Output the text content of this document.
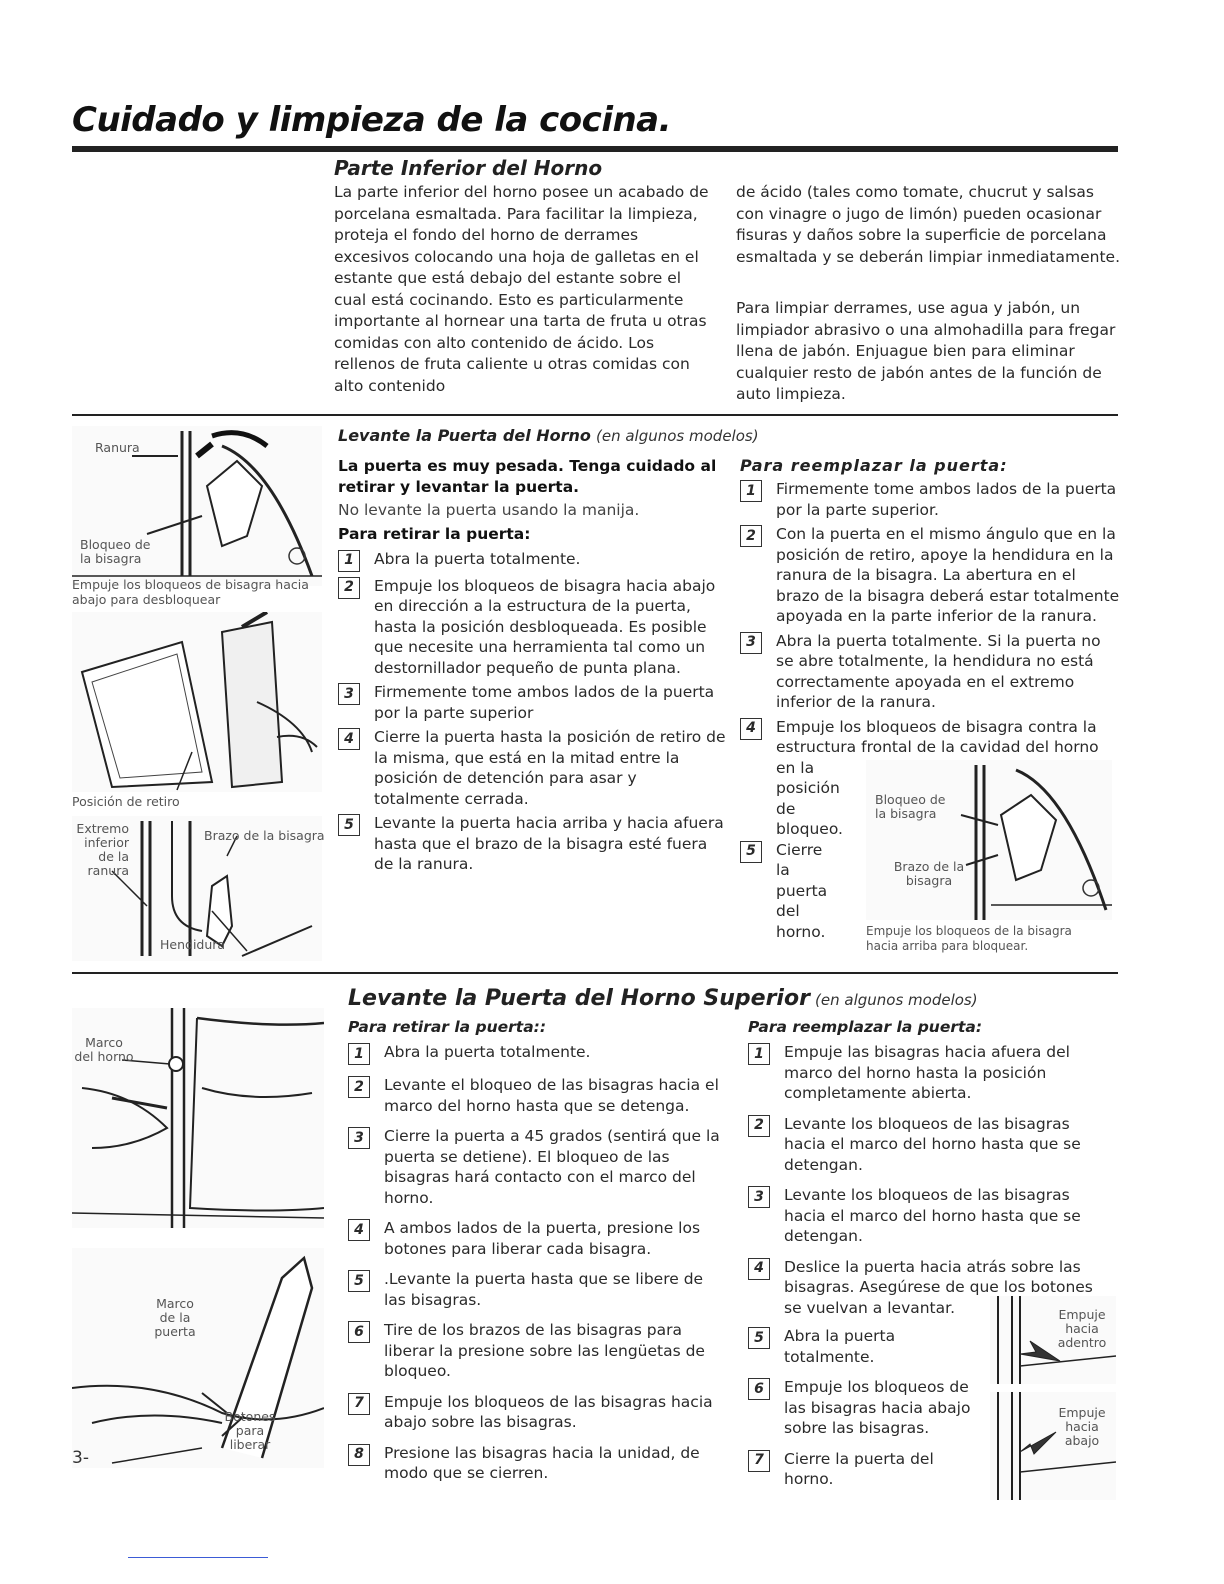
Cuidado y limpieza de la cocina.
Parte Inferior del Horno
La parte inferior del horno posee un acabado de porcelana esmaltada. Para facilitar la limpieza, proteja el fondo del horno de derrames excesivos colocando una hoja de galletas en el estante que está debajo del estante sobre el cual está cocinando. Esto es particularmente importante al hornear una tarta de fruta u otras comidas con alto contenido de ácido. Los rellenos de fruta caliente u otras comidas con alto contenido
de ácido (tales como tomate, chucrut y salsas con vinagre o jugo de limón) pueden ocasionar fisuras y daños sobre la superficie de porcelana esmaltada y se deberán limpiar inmediatamente.
Para limpiar derrames, use agua y jabón, un limpiador abrasivo o una almohadilla para fregar llena de jabón. Enjuague bien para eliminar cualquier resto de jabón antes de la función de auto limpieza.
Ranura
Bloqueo de la bisagra
Empuje los bloqueos de bisagra hacia abajo para desbloquear
Posición de retiro
Extremo inferior de la ranura
Brazo de la bisagra
Hendidura
Levante la Puerta del Horno (en algunos modelos)
La puerta es muy pesada. Tenga cuidado al retirar y levantar la puerta.
No levante la puerta usando la manija.
Para retirar la puerta:
1	Abra la puerta totalmente.
2	Empuje los bloqueos de bisagra hacia abajo en dirección a la estructura de la puerta, hasta la posición desbloqueada. Es posible que necesite una herramienta tal como un destornillador pequeño de punta plana.
3	Firmemente tome ambos lados de la puerta por la parte superior
4	Cierre la puerta hasta la posición de retiro de la misma, que está en la mitad entre la posición de detención para asar y totalmente cerrada.
5	Levante la puerta hacia arriba y hacia afuera hasta que el brazo de la bisagra esté fuera de la ranura.
Para reemplazar la puerta:
1	Firmemente tome ambos lados de la puerta por la parte superior.
2	Con la puerta en el mismo ángulo que en la posición de retiro, apoye la hendidura en la ranura de la bisagra. La abertura en el brazo de la bisagra deberá estar totalmente apoyada en la parte inferior de la ranura.
3	Abra la puerta totalmente. Si la puerta no se abre totalmente, la hendidura no está correctamente apoyada en el extremo inferior de la ranura.
4	Empuje los bloqueos de bisagra contra la
estructura frontal de la cavidad del horno
en la posición de bloqueo.
5	Cierre la puerta del horno.
Bloqueo de la bisagra
Brazo de la bisagra
Empuje los bloqueos de la bisagra hacia arriba para bloquear.
Marco del horno
Marco de la puerta
Botones para liberar
3-
Levante la Puerta del Horno Superior (en algunos modelos)
Para retirar la puerta::
1	Abra la puerta totalmente.
2	Levante el bloqueo de las bisagras hacia el marco del horno hasta que se detenga.
3	Cierre la puerta a 45 grados (sentirá que la puerta se detiene). El bloqueo de las bisagras hará contacto con el marco del horno.
4	A ambos lados de la puerta, presione los botones para liberar cada bisagra.
5	.Levante la puerta hasta que se libere de las bisagras.
6	Tire de los brazos de las bisagras para liberar la presione sobre las lengüetas de bloqueo.
7	Empuje los bloqueos de las bisagras hacia abajo sobre las bisagras.
8	Presione las bisagras hacia la unidad, de modo que se cierren.
Para reemplazar la puerta:
1	Empuje las bisagras hacia afuera del marco del horno hasta la posición completamente abierta.
2	Levante los bloqueos de las bisagras hacia el marco del horno hasta que se detengan.
3	Levante los bloqueos de las bisagras hacia el marco del horno hasta que se detengan.
4	Deslice la puerta hacia atrás sobre las bisagras. Asegúrese de que los botones se vuelvan a levantar.
5	Abra la puerta totalmente.
6	Empuje los bloqueos de las bisagras hacia abajo sobre las bisagras.
7	Cierre la puerta del horno.
Empuje hacia adentro
Empuje hacia abajo
